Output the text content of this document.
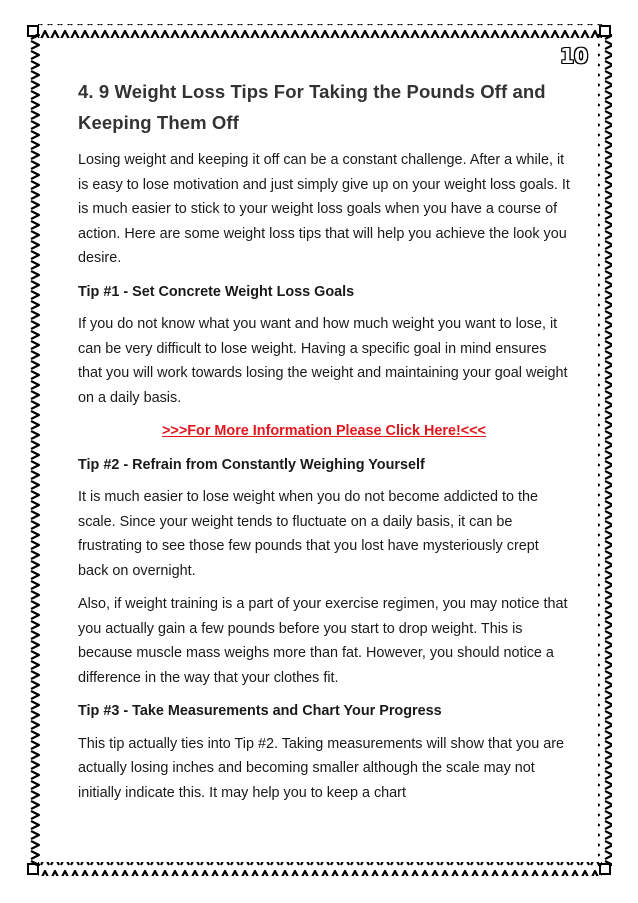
10
4. 9 Weight Loss Tips For Taking the Pounds Off and Keeping Them Off

Losing weight and keeping it off can be a constant challenge. After a while, it is easy to lose motivation and just simply give up on your weight loss goals. It is much easier to stick to your weight loss goals when you have a course of action. Here are some weight loss tips that will help you achieve the look you desire.

Tip #1 - Set Concrete Weight Loss Goals

If you do not know what you want and how much weight you want to lose, it can be very difficult to lose weight. Having a specific goal in mind ensures that you will work towards losing the weight and maintaining your goal weight on a daily basis.

>>>For More Information Please Click Here!<<<

Tip #2 - Refrain from Constantly Weighing Yourself

It is much easier to lose weight when you do not become addicted to the scale. Since your weight tends to fluctuate on a daily basis, it can be frustrating to see those few pounds that you lost have mysteriously crept back on overnight.

Also, if weight training is a part of your exercise regimen, you may notice that you actually gain a few pounds before you start to drop weight. This is because muscle mass weighs more than fat. However, you should notice a difference in the way that your clothes fit.

Tip #3 - Take Measurements and Chart Your Progress

This tip actually ties into Tip #2. Taking measurements will show that you are actually losing inches and becoming smaller although the scale may not initially indicate this. It may help you to keep a chart
